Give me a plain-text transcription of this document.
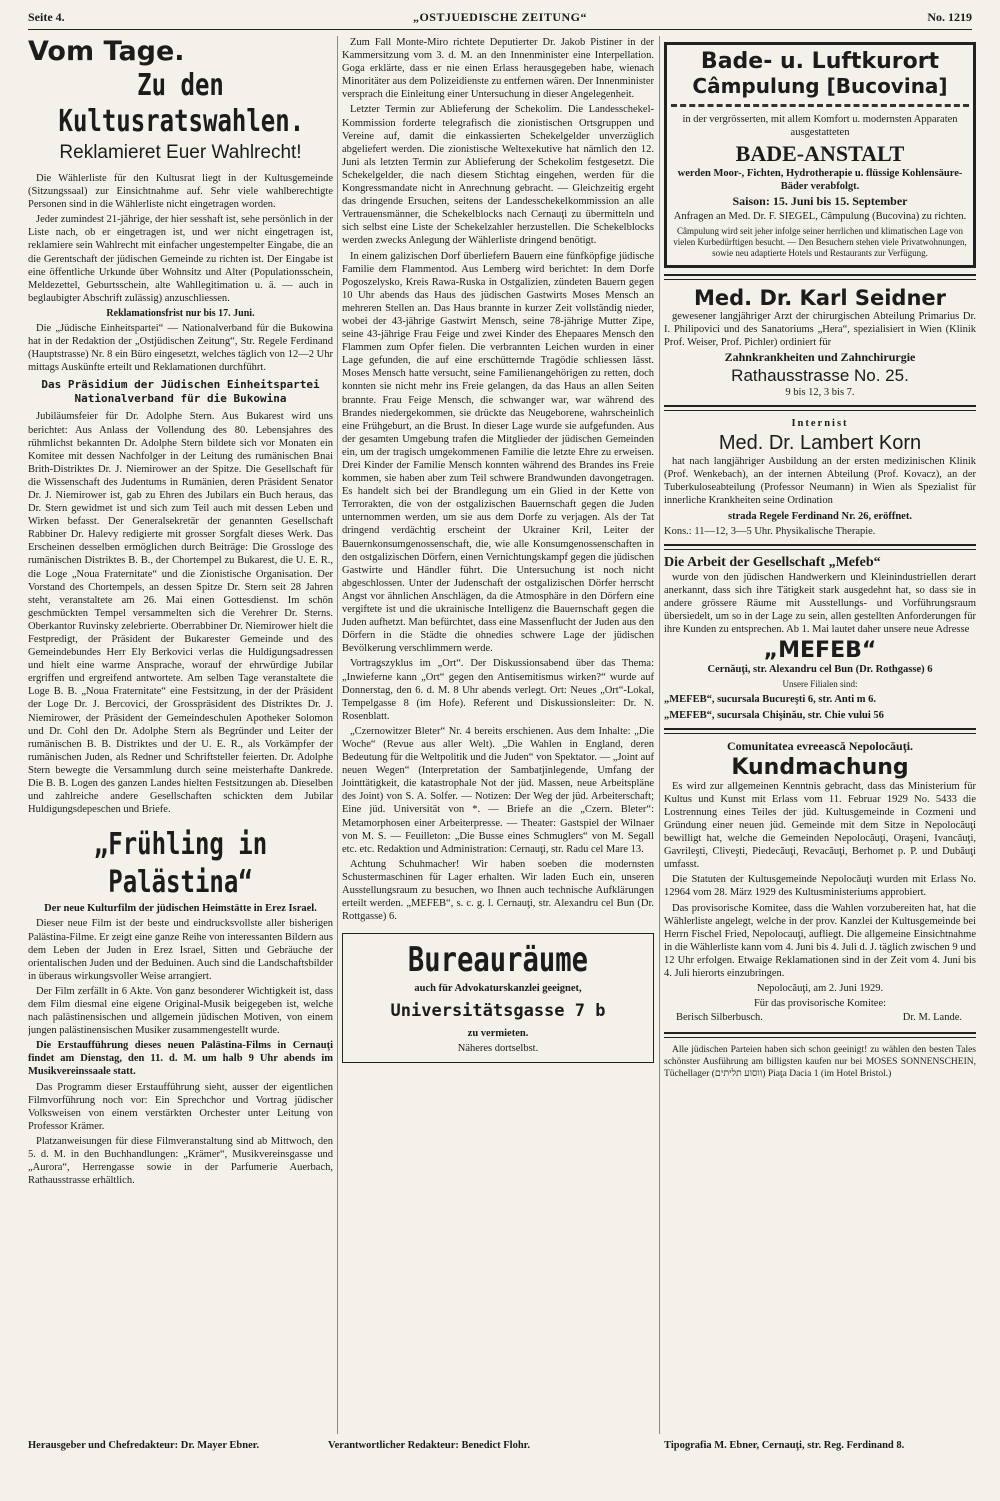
Seite 4.	„OSTJUEDISCHE ZEITUNG“	No. 1219
Vom Tage.
Zu den Kultusratswahlen.
Reklamieret Euer Wahlrecht!

Die Wählerliste für den Kultusrat liegt in der Kultusgemeinde (Sitzungssaal) zur Einsichtnahme auf. Sehr viele wahlberechtigte Personen sind in die Wählerliste nicht eingetragen worden.

Jeder zumindest 21-jährige, der hier sesshaft ist, sehe persönlich in der Liste nach, ob er eingetragen ist, und wer nicht eingetragen ist, reklamiere sein Wahlrecht mit einfacher ungestempelter Eingabe, die an die Gerentschaft der jüdischen Gemeinde zu richten ist. Der Eingabe ist eine öffentliche Urkunde über Wohnsitz und Alter (Populationsschein, Meldezettel, Geburtsschein, alte Wahllegitimation u. ä. — auch in beglaubigter Abschrift zulässig) anzuschliessen.

Reklamationsfrist nur bis 17. Juni.

Die „Jüdische Einheitspartei“ — Nationalverband für die Bukowina hat in der Redaktion der „Ostjüdischen Zeitung“, Str. Regele Ferdinand (Hauptstrasse) Nr. 8 ein Büro eingesetzt, welches täglich von 12—2 Uhr mittags Auskünfte erteilt und Reklamationen durchführt.

Das Präsidium der Jüdischen Einheitspartei Nationalverband für die Bukowina

Jubiläumsfeier für Dr. Adolphe Stern. Aus Bukarest wird uns berichtet: Aus Anlass der Vollendung des 80. Lebensjahres des rühmlichst bekannten Dr. Adolphe Stern bildete sich vor Monaten ein Komitee mit dessen Nachfolger in der Leitung des rumänischen Bnai Brith-Distriktes Dr. J. Niemirower an der Spitze. Die Gesellschaft für die Wissenschaft des Judentums in Rumänien, deren Präsident Senator Dr. J. Niemirower ist, gab zu Ehren des Jubilars ein Buch heraus, das Dr. Stern gewidmet ist und sich zum Teil auch mit dessen Leben und Wirken befasst. Der Generalsekretär der genannten Gesellschaft Rabbiner Dr. Halevy redigierte mit grosser Sorgfalt dieses Werk. Das Erscheinen desselben ermöglichen durch Beiträge: Die Grossloge des rumänischen Distriktes B. B., der Chortempel zu Bukarest, die U. E. R., die Loge „Noua Fraternitate“ und die Zionistische Organisation. Der Vorstand des Chortempels, an dessen Spitze Dr. Stern seit 28 Jahren steht, veranstaltete am 26. Mai einen Gottesdienst. Im schön geschmückten Tempel versammelten sich die Verehrer Dr. Sterns. Oberkantor Ruvinsky zelebrierte. Oberrabbiner Dr. Niemirower hielt die Festpredigt, der Präsident der Bukarester Gemeinde und des Gemeindebundes Herr Ely Berkovici verlas die Huldigungsadressen und hielt eine warme Ansprache, worauf der ehrwürdige Jubilar ergriffen und ergreifend antwortete. Am selben Tage veranstaltete die Loge B. B. „Noua Fraternitate“ eine Festsitzung, in der der Präsident der Loge Dr. J. Bercovici, der Grosspräsident des Distriktes Dr. J. Niemirower, der Präsident der Gemeindeschulen Apotheker Solomon und Dr. Cohl den Dr. Adolphe Stern als Begründer und Leiter der rumänischen B. B. Distriktes und der U. E. R., als Vorkämpfer der rumänischen Juden, als Redner und Schriftsteller feierten. Dr. Adolphe Stern bewegte die Versammlung durch seine meisterhafte Dankrede. Die B. B. Logen des ganzen Landes hielten Festsitzungen ab. Dieselben und zahlreiche andere Gesellschaften schickten dem Jubilar Huldigungsdepeschen und Briefe.

„Frühling in Palästina“

Der neue Kulturfilm der jüdischen Heimstätte in Erez Israel.

Dieser neue Film ist der beste und eindrucksvollste aller bisherigen Palästina-Filme. Er zeigt eine ganze Reihe von interessanten Bildern aus dem Leben der Juden in Erez Israel, Sitten und Gebräuche der orientalischen Juden und der Beduinen. Auch sind die Landschaftsbilder in überaus wirkungsvoller Weise arrangiert.

Der Film zerfällt in 6 Akte. Von ganz besonderer Wichtigkeit ist, dass dem Film diesmal eine eigene Original-Musik beigegeben ist, welche nach palästinensischen und allgemein jüdischen Motiven, von einem jungen palästinensischen Musiker zusammengestellt wurde.

Die Erstaufführung dieses neuen Palästina-Films in Cernauţi findet am Dienstag, den 11. d. M. um halb 9 Uhr abends im Musikvereinssaale statt.

Das Programm dieser Erstaufführung sieht, ausser der eigentlichen Filmvorführung noch vor: Ein Sprechchor und Vortrag jüdischer Volksweisen von einem verstärkten Orchester unter Leitung von Professor Krämer.

Platzanweisungen für diese Filmveranstaltung sind ab Mittwoch, den 5. d. M. in den Buchhandlungen: „Krämer“, Musikvereinsgasse und „Aurora“, Herrengasse sowie in der Parfumerie Auerbach, Rathausstrasse erhältlich.

Zum Fall Monte-Miro richtete Deputierter Dr. Jakob Pistiner in der Kammersitzung vom 3. d. M. an den Innenminister eine Interpellation. Goga erklärte, dass er nie einen Erlass herausgegeben habe, wienach Minoritäter aus dem Polizeidienste zu entfernen wären. Der Innenminister versprach die Einleitung einer Untersuchung in dieser Angelegenheit.

Letzter Termin zur Ablieferung der Schekolim. Die Landesschekel-Kommission forderte telegrafisch die zionistischen Ortsgruppen und Vereine auf, damit die einkassierten Schekelgelder unverzüglich abgeliefert werden. Die zionistische Weltexekutive hat nämlich den 12. Juni als letzten Termin zur Ablieferung der Schekolim festgesetzt. Die Schekelgelder, die nach diesem Stichtag eingehen, werden für die Kongressmandate nicht in Anrechnung gebracht. — Gleichzeitig ergeht das dringende Ersuchen, seitens der Landesschekelkommission an alle Vertrauensmänner, die Schekelblocks nach Cernauţi zu übermitteln und sich selbst eine Liste der Schekelzahler herzustellen. Die Schekelblocks werden zwecks Anlegung der Wählerliste dringend benötigt.

In einem galizischen Dorf überliefern Bauern eine fünfköpfige jüdische Familie dem Flammentod. Aus Lemberg wird berichtet: In dem Dorfe Pogoszelysko, Kreis Rawa-Ruska in Ostgalizien, zündeten Bauern gegen 10 Uhr abends das Haus des jüdischen Gastwirts Moses Mensch an mehreren Stellen an. Das Haus brannte in kurzer Zeit vollständig nieder, wobei der 43-jährige Gastwirt Mensch, seine 78-jährige Mutter Zipe, seine 43-jährige Frau Feige und zwei Kinder des Ehepaares Mensch den Flammen zum Opfer fielen. Die verbrannten Leichen wurden in einer Lage gefunden, die auf eine erschütternde Tragödie schliessen lässt. Moses Mensch hatte versucht, seine Familienangehörigen zu retten, doch konnten sie nicht mehr ins Freie gelangen, da das Haus an allen Seiten brannte. Frau Feige Mensch, die schwanger war, war während des Brandes niedergekommen, sie drückte das Neugeborene, wahrscheinlich eine Frühgeburt, an die Brust. In dieser Lage wurde sie aufgefunden. Aus der gesamten Umgebung trafen die Mitglieder der jüdischen Gemeinden ein, um der tragisch umgekommenen Familie die letzte Ehre zu erweisen. Drei Kinder der Familie Mensch konnten während des Brandes ins Freie kommen, sie haben aber zum Teil schwere Brandwunden davongetragen. Es handelt sich bei der Brandlegung um ein Glied in der Kette von Terrorakten, die von der ostgalizischen Bauernschaft gegen die Juden unternommen werden, um sie aus dem Dorfe zu verjagen. Als der Tat dringend verdächtig erscheint der Ukrainer Kril, Leiter der Bauernkonsumgenossenschaft, die, wie alle Konsumgenossenschaften in den ostgalizischen Dörfern, einen Vernichtungskampf gegen die jüdischen Gastwirte und Händler führt. Die Untersuchung ist noch nicht abgeschlossen. Unter der Judenschaft der ostgalizischen Dörfer herrscht Angst vor ähnlichen Anschlägen, da die Atmosphäre in den Dörfern eine vergiftete ist und die ukrainische Intelligenz die Bauernschaft gegen die Juden aufhetzt. Man befürchtet, dass eine Massenflucht der Juden aus den Dörfern in die Städte die ohnedies schwere Lage der jüdischen Bevölkerung verschlimmern werde.

Vortragszyklus im „Ort“. Der Diskussionsabend über das Thema: „Inwieferne kann „Ort“ gegen den Antisemitismus wirken?“ wurde auf Donnerstag, den 6. d. M. 8 Uhr abends verlegt. Ort: Neues „Ort“-Lokal, Tempelgasse 8 (im Hofe). Referent und Diskussionsleiter: Dr. N. Rosenblatt.

„Czernowitzer Bleter“ Nr. 4 bereits erschienen. Aus dem Inhalte: „Die Woche“ (Revue aus aller Welt). „Die Wahlen in England, deren Bedeutung für die Weltpolitik und die Juden“ von Spektator. — „Joint auf neuen Wegen“ (Interpretation der Sambatjinlegende, Umfang der Jointtätigkeit, die katastrophale Not der jüd. Massen, neue Arbeitspläne des Joint) von S. A. Solfer. — Notizen: Der Weg der jüd. Arbeiterschaft; Eine jüd. Universität von *. — Briefe an die „Czern. Bleter“: Metamorphosen einer Arbeiterpresse. — Theater: Gastspiel der Wilnaer von M. S. — Feuilleton: „Die Busse eines Schmuglers“ von M. Segall etc. etc. Redaktion und Administration: Cernauţi, str. Radu cel Mare 13.

Achtung Schuhmacher! Wir haben soeben die modernsten Schustermaschinen für Lager erhalten. Wir laden Euch ein, unseren Ausstellungsraum zu besuchen, wo Ihnen auch technische Aufklärungen erteilt werden. „MEFEB“, s. c. g. l. Cernauţi, str. Alexandru cel Bun (Dr. Rottgasse) 6.

Bureauräume

auch für Advokaturskanzlei geeignet,

Universitätsgasse 7 b

zu vermieten.

Näheres dortselbst.

Bade- u. Luftkurort
Câmpulung [Bucovina]

in der vergrösserten, mit allem Komfort u. modernsten Apparaten ausgestatteten

BADE-ANSTALT

werden Moor-, Fichten, Hydrotherapie u. flüssige Kohlensäure-Bäder verabfolgt.

Saison: 15. Juni bis 15. September

Anfragen an Med. Dr. F. SIEGEL, Câmpulung (Bucovina) zu richten.

Câmpulung wird seit jeher infolge seiner herrlichen und klimatischen Lage von vielen Kurbedürftigen besucht. — Den Besuchern stehen viele Privatwohnungen, sowie neu adaptierte Hotels und Restaurants zur Verfügung.

Med. Dr. Karl Seidner

gewesener langjähriger Arzt der chirurgischen Abteilung Primarius Dr. I. Philipovici und des Sanatoriums „Hera“, spezialisiert in Wien (Klinik Prof. Weiser, Prof. Pichler) ordiniert für

Zahnkrankheiten und Zahnchirurgie

Rathausstrasse No. 25.

9 bis 12, 3 bis 7.

Internist

Med. Dr. Lambert Korn

hat nach langjähriger Ausbildung an der ersten medizinischen Klinik (Prof. Wenkebach), an der internen Abteilung (Prof. Kovacz), an der Tuberkuloseabteilung (Professor Neumann) in Wien als Spezialist für innerliche Krankheiten seine Ordination

strada Regele Ferdinand Nr. 26, eröffnet.

Kons.: 11—12, 3—5 Uhr. Physikalische Therapie.

Die Arbeit der Gesellschaft „Mefeb“

wurde von den jüdischen Handwerkern und Kleinindustriellen derart anerkannt, dass sich ihre Tätigkeit stark ausgedehnt hat, so dass sie in andere grössere Räume mit Ausstellungs- und Vorführungsraum übersiedelt, um so in der Lage zu sein, allen gestellten Anforderungen für ihre Kunden zu entsprechen. Ab 1. Mai lautet daher unsere neue Adresse

„MEFEB“

Cernăuţi, str. Alexandru cel Bun (Dr. Rothgasse) 6

Unsere Filialen sind:

„MEFEB“, sucursala Bucureşti 6, str. Anti m 6.

„MEFEB“, sucursala Chişinău, str. Chie vului 56

Comunitatea evreească Nepolocăuţi.

Kundmachung

Es wird zur allgemeinen Kenntnis gebracht, dass das Ministerium für Kultus und Kunst mit Erlass vom 11. Februar 1929 No. 5433 die Lostrennung eines Teiles der jüd. Kultusgemeinde in Cozmeni und Gründung einer neuen jüd. Gemeinde mit dem Sitze in Nepolocăuţi bewilligt hat, welche die Gemeinden Nepolocăuţi, Oraşeni, Ivancăuţi, Gavrileşti, Cliveşti, Piedecăuţi, Revacăuţi, Berhomet p. P. und Dubăuţi umfasst.

Die Statuten der Kultusgemeinde Nepolocăuţi wurden mit Erlass No. 12964 vom 28. März 1929 des Kultusministeriums approbiert.

Das provisorische Komitee, dass die Wahlen vorzubereiten hat, hat die Wählerliste angelegt, welche in der prov. Kanzlei der Kultusgemeinde bei Herrn Fischel Fried, Nepolocauţi, aufliegt. Die allgemeine Einsichtnahme in die Wählerliste kann vom 4. Juni bis 4. Juli d. J. täglich zwischen 9 und 12 Uhr erfolgen. Etwaige Reklamationen sind in der Zeit vom 4. Juni bis 4. Juli hierorts einzubringen.

Nepolocăuţi, am 2. Juni 1929.

Für das provisorische Komitee:

Berisch Silberbusch.	Dr. M. Lande.

Alle jüdischen Parteien haben sich schon geeinigt! zu wählen den besten Tales schönster Ausführung am billigsten kaufen nur bei MOSES SONNENSCHEIN, Tüchellager (ווסוע תליתים) Piaţa Dacia 1 (im Hotel Bristol.)

Herausgeber und Chefredakteur: Dr. Mayer Ebner.	Verantwortlicher Redakteur: Benedict Flohr.	Tipografia M. Ebner, Cernauţi, str. Reg. Ferdinand 8.
